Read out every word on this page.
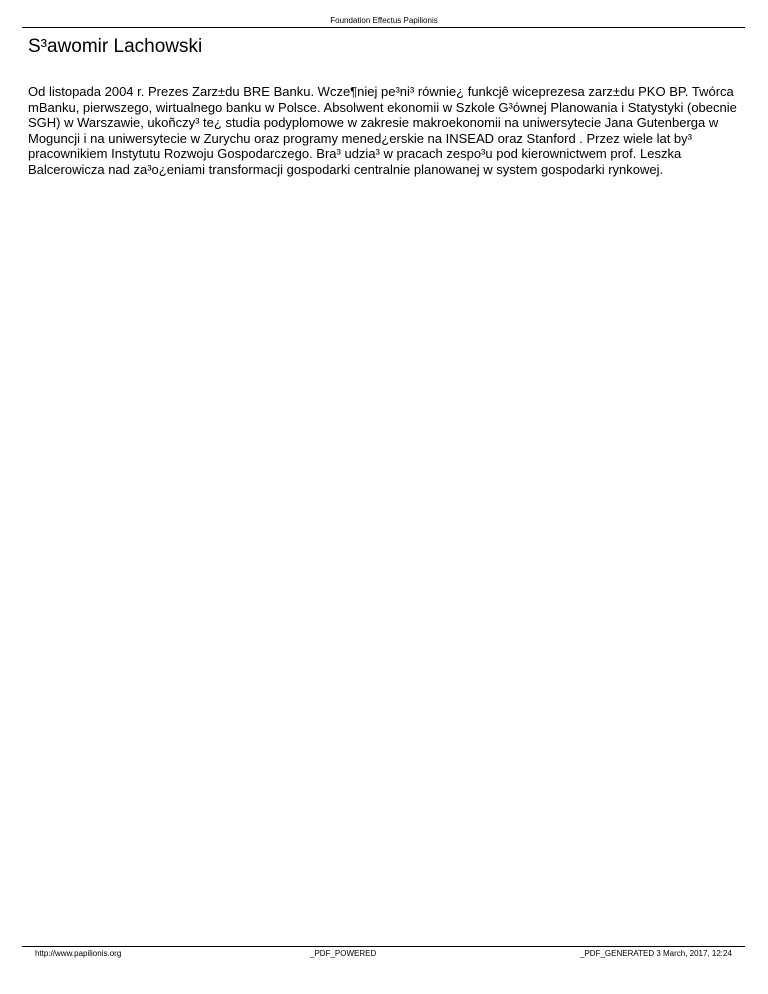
Foundation Effectus Papilionis
S³awomir Lachowski

Od listopada 2004 r. Prezes Zarz±du BRE Banku. Wcze¶niej pe³ni³ równie¿ funkcjê wiceprezesa zarz±du PKO BP. Twórca mBanku, pierwszego, wirtualnego banku w Polsce. Absolwent ekonomii w Szkole G³ównej Planowania i Statystyki (obecnie SGH) w Warszawie, ukoñczy³ te¿ studia podyplomowe w zakresie makroekonomii na uniwersytecie Jana Gutenberga w Moguncji i na uniwersytecie w Zurychu oraz programy mened¿erskie na INSEAD oraz Stanford . Przez wiele lat by³ pracownikiem Instytutu Rozwoju Gospodarczego. Bra³ udzia³ w pracach zespo³u pod kierownictwem prof. Leszka Balcerowicza nad za³o¿eniami transformacji gospodarki centralnie planowanej w system gospodarki rynkowej.

http://www.papilionis.org	_PDF_POWERED	_PDF_GENERATED 3 March, 2017, 12:24
